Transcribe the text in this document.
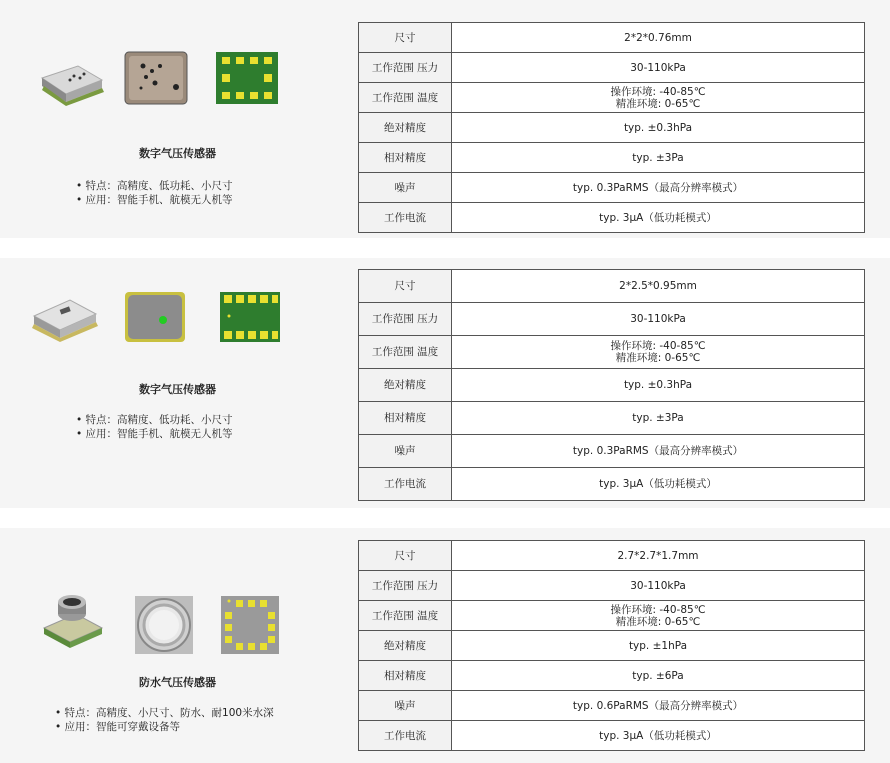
数字气压传感器
• 特点：高精度、低功耗、小尺寸
• 应用：智能手机、航模无人机等
尺寸	2*2*0.76mm
工作范围 压力	30-110kPa
工作范围 温度	操作环境: -40-85℃
精准环境: 0-65℃

绝对精度	typ. ±0.3hPa
相对精度	typ. ±3Pa
噪声	typ. 0.3PaRMS（最高分辨率模式）
工作电流	typ. 3μA（低功耗模式）
数字气压传感器
• 特点：高精度、低功耗、小尺寸
• 应用：智能手机、航模无人机等
尺寸	2*2.5*0.95mm
工作范围 压力	30-110kPa
工作范围 温度	操作环境: -40-85℃
精准环境: 0-65℃

绝对精度	typ. ±0.3hPa
相对精度	typ. ±3Pa
噪声	typ. 0.3PaRMS（最高分辨率模式）
工作电流	typ. 3μA（低功耗模式）
防水气压传感器
• 特点：高精度、小尺寸、防水、耐100米水深
• 应用：智能可穿戴设备等
尺寸	2.7*2.7*1.7mm
工作范围 压力	30-110kPa
工作范围 温度	操作环境: -40-85℃
精准环境: 0-65℃

绝对精度	typ. ±1hPa
相对精度	typ. ±6Pa
噪声	typ. 0.6PaRMS（最高分辨率模式）
工作电流	typ. 3μA（低功耗模式）
